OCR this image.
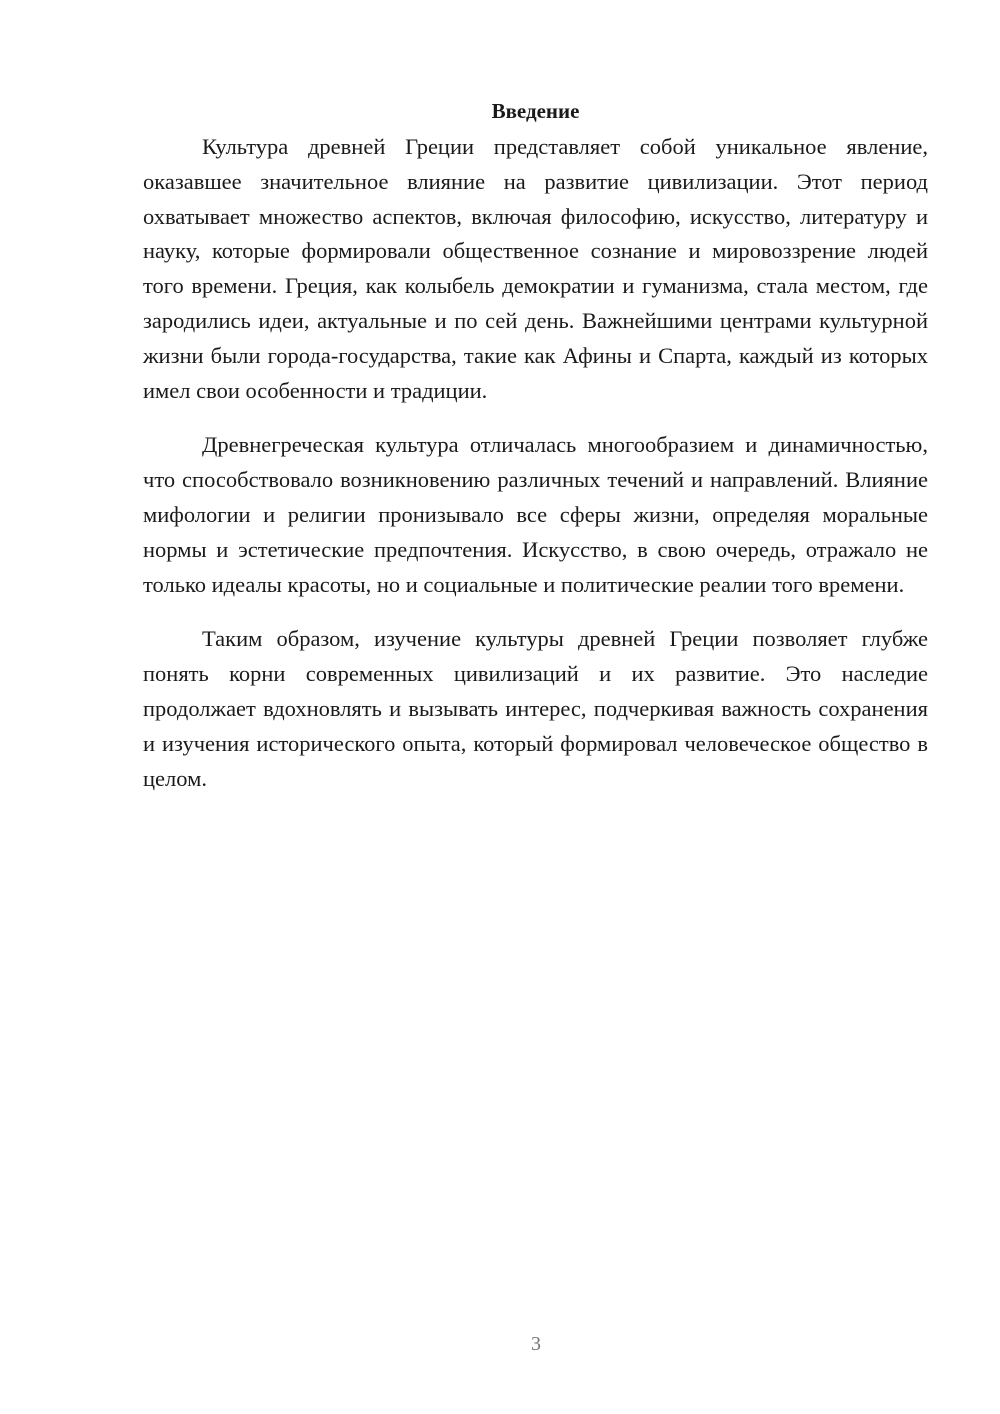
Введение

Культура древней Греции представляет собой уникальное явление, оказавшее значительное влияние на развитие цивилизации. Этот период охватывает множество аспектов, включая философию, искусство, литературу и науку, которые формировали общественное сознание и мировоззрение людей того времени. Греция, как колыбель демократии и гуманизма, стала местом, где зародились идеи, актуальные и по сей день. Важнейшими центрами культурной жизни были города-государства, такие как Афины и Спарта, каждый из которых имел свои особенности и традиции.

Древнегреческая культура отличалась многообразием и динамичностью, что способствовало возникновению различных течений и направлений. Влияние мифологии и религии пронизывало все сферы жизни, определяя моральные нормы и эстетические предпочтения. Искусство, в свою очередь, отражало не только идеалы красоты, но и социальные и политические реалии того времени.

Таким образом, изучение культуры древней Греции позволяет глубже понять корни современных цивилизаций и их развитие. Это наследие продолжает вдохновлять и вызывать интерес, подчеркивая важность сохранения и изучения исторического опыта, который формировал человеческое общество в целом.

3
